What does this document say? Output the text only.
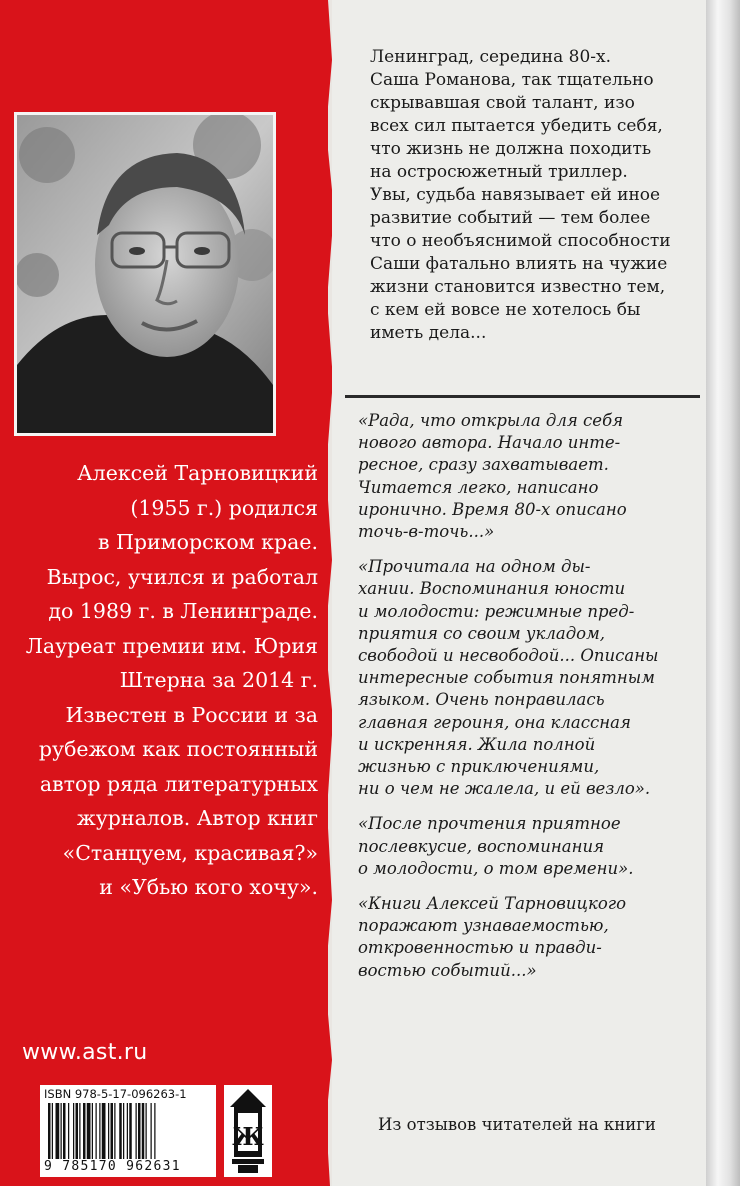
Алексей Тарновицкий
(1955 г.) родился
в Приморском крае.
Вырос, учился и работал
до 1989 г. в Ленинграде.
Лауреат премии им. Юрия
Штерна за 2014 г.
Известен в России и за
рубежом как постоянный
автор ряда литературных
журналов. Автор книг
«Станцуем, красивая?»
и «Убью кого хочу».
www.ast.ru
ISBN 978-5-17-096263-1
9 785170 962631
Ж
Ленинград, середина 80-х.
Саша Романова, так тщательно
скрывавшая свой талант, изо
всех сил пытается убедить себя,
что жизнь не должна походить
на остросюжетный триллер.
Увы, судьба навязывает ей иное
развитие событий — тем более
что о необъяснимой способности
Саши фатально влиять на чужие
жизни становится известно тем,
с кем ей вовсе не хотелось бы
иметь дела...
«Рада, что открыла для себя
нового автора. Начало инте-
ресное, сразу захватывает.
Читается легко, написано
иронично. Время 80-х описано
точь-в-точь...»
«Прочитала на одном ды-
хании. Воспоминания юности
и молодости: режимные пред-
приятия со своим укладом,
свободой и несвободой... Описаны
интересные события понятным
языком. Очень понравилась
главная героиня, она классная
и искренняя. Жила полной
жизнью с приключениями,
ни о чем не жалела, и ей везло».
«После прочтения приятное
послевкусие, воспоминания
о молодости, о том времени».
«Книги Алексей Тарновицкого
поражают узнаваемостью,
откровенностью и правди-
востью событий...»
Из отзывов читателей на книги
